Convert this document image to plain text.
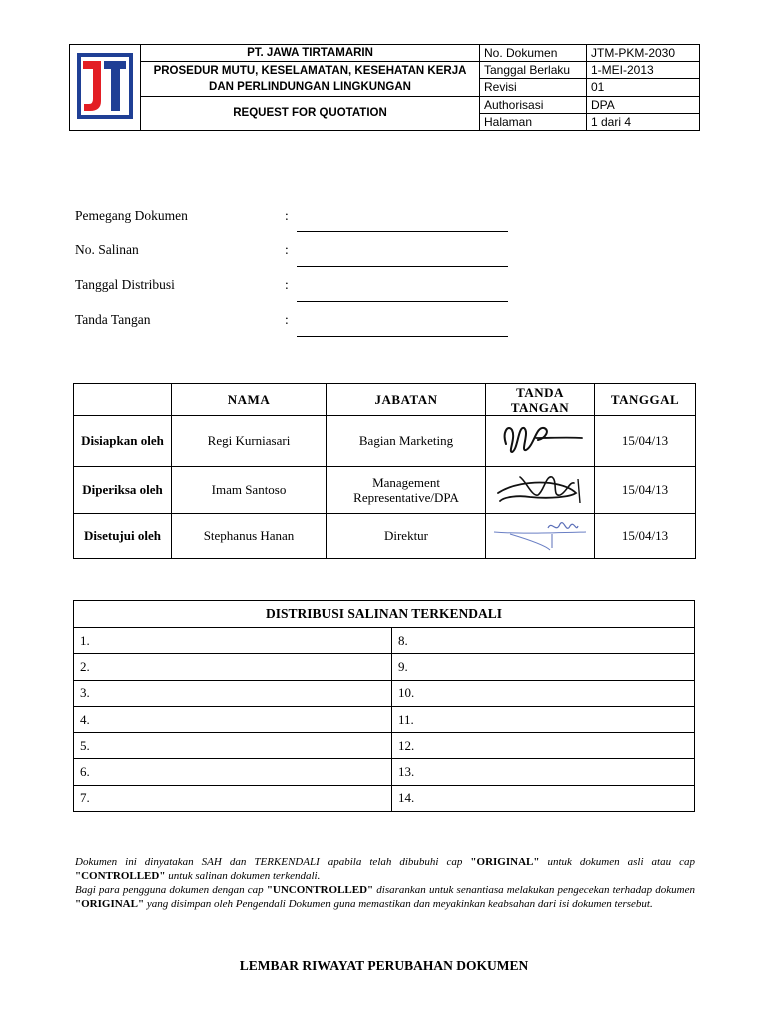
	PT. JAWA TIRTAMARIN	No. Dokumen	JTM-PKM-2030
	PROSEDUR MUTU, KESELAMATAN, KESEHATAN KERJA DAN PERLINDUNGAN LINGKUNGAN	Tanggal Berlaku	1-MEI-2013
		Revisi	01
	REQUEST FOR QUOTATION	Authorisasi	DPA
		Halaman	1 dari 4
Pemegang Dokumen	:
No. Salinan	:
Tanggal Distribusi	:
Tanda Tangan	:
	NAMA	JABATAN	TANDA TANGAN	TANGGAL
Disiapkan oleh	Regi Kurniasari	Bagian Marketing		15/04/13
Diperiksa oleh	Imam Santoso	Management Representative/DPA		15/04/13
Disetujui oleh	Stephanus Hanan	Direktur		15/04/13
DISTRIBUSI SALINAN TERKENDALI	
1.	8.
2.	9.
3.	10.
4.	11.
5.	12.
6.	13.
7.	14.
Dokumen ini dinyatakan SAH dan TERKENDALI apabila telah dibubuhi cap "ORIGINAL" untuk dokumen asli atau cap "CONTROLLED" untuk salinan dokumen terkendali.
Bagi para pengguna dokumen dengan cap "UNCONTROLLED" disarankan untuk senantiasa melakukan pengecekan terhadap dokumen "ORIGINAL" yang disimpan oleh Pengendali Dokumen guna memastikan dan meyakinkan keabsahan dari isi dokumen tersebut.
LEMBAR RIWAYAT PERUBAHAN DOKUMEN
